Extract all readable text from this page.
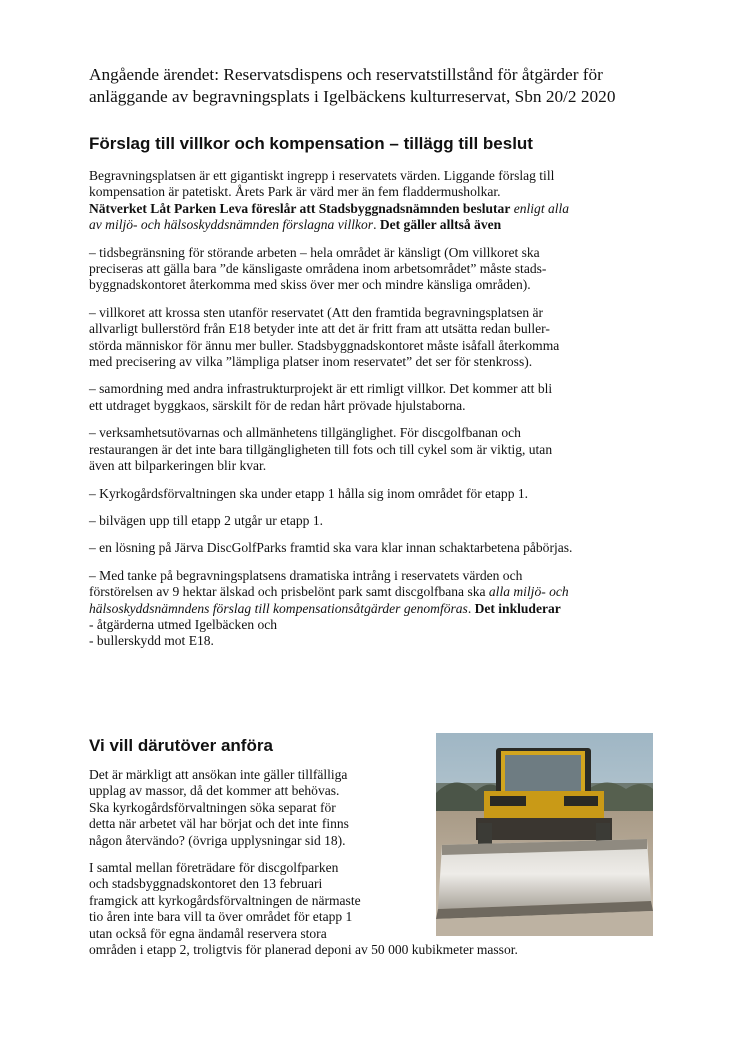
Angående ärendet: Reservatsdispens och reservatstillstånd för åtgärder för
anläggande av begravningsplats i Igelbäckens kulturreservat, Sbn 20/2 2020
Förslag till villkor och kompensation – tillägg till beslut

Begravningsplatsen är ett gigantiskt ingrepp i reservatets värden. Liggande förslag till
kompensation är patetiskt. Årets Park är värd mer än fem fladdermusholkar.
Nätverket Låt Parken Leva föreslår att Stadsbyggnadsnämnden beslutar enligt alla
av miljö- och hälsoskyddsnämnden förslagna villkor. Det gäller alltså även

– tidsbegränsning för störande arbeten – hela området är känsligt (Om villkoret ska
preciseras att gälla bara ”de känsligaste områdena inom arbetsområdet” måste stads-
byggnadskontoret återkomma med skiss över mer och mindre känsliga områden).

– villkoret att krossa sten utanför reservatet (Att den framtida begravningsplatsen är
allvarligt bullerstörd från E18 betyder inte att det är fritt fram att utsätta redan buller-
störda människor för ännu mer buller. Stadsbyggnadskontoret måste isåfall återkomma
med precisering av vilka ”lämpliga platser inom reservatet” det ser för stenkross).

– samordning med andra infrastrukturprojekt är ett rimligt villkor. Det kommer att bli
ett utdraget byggkaos, särskilt för de redan hårt prövade hjulstaborna.

– verksamhetsutövarnas och allmänhetens tillgänglighet. För discgolfbanan och
restaurangen är det inte bara tillgängligheten till fots och till cykel som är viktig, utan
även att bilparkeringen blir kvar.

– Kyrkogårdsförvaltningen ska under etapp 1 hålla sig inom området för etapp 1.

– bilvägen upp till etapp 2 utgår ur etapp 1.

– en lösning på Järva DiscGolfParks framtid ska vara klar innan schaktarbetena påbörjas.

– Med tanke på begravningsplatsens dramatiska intrång i reservatets värden och
förstörelsen av 9 hektar älskad och prisbelönt park samt discgolfbana ska alla miljö- och
hälsoskyddsnämndens förslag till kompensationsåtgärder genomföras. Det inkluderar
- åtgärderna utmed Igelbäcken och
- bullerskydd mot E18.

Vi vill därutöver anföra

Det är märkligt att ansökan inte gäller tillfälliga
upplag av massor, då det kommer att behövas.
Ska kyrkogårdsförvaltningen söka separat för
detta när arbetet väl har börjat och det inte finns
någon återvändo? (övriga upplysningar sid 18).

I samtal mellan företrädare för discgolfparken
och stadsbyggnadskontoret den 13 februari
framgick att kyrkogårdsförvaltningen de närmaste
tio åren inte bara vill ta över området för etapp 1
utan också för egna ändamål reservera stora
områden i etapp 2, troligtvis för planerad deponi av 50 000 kubikmeter massor.
